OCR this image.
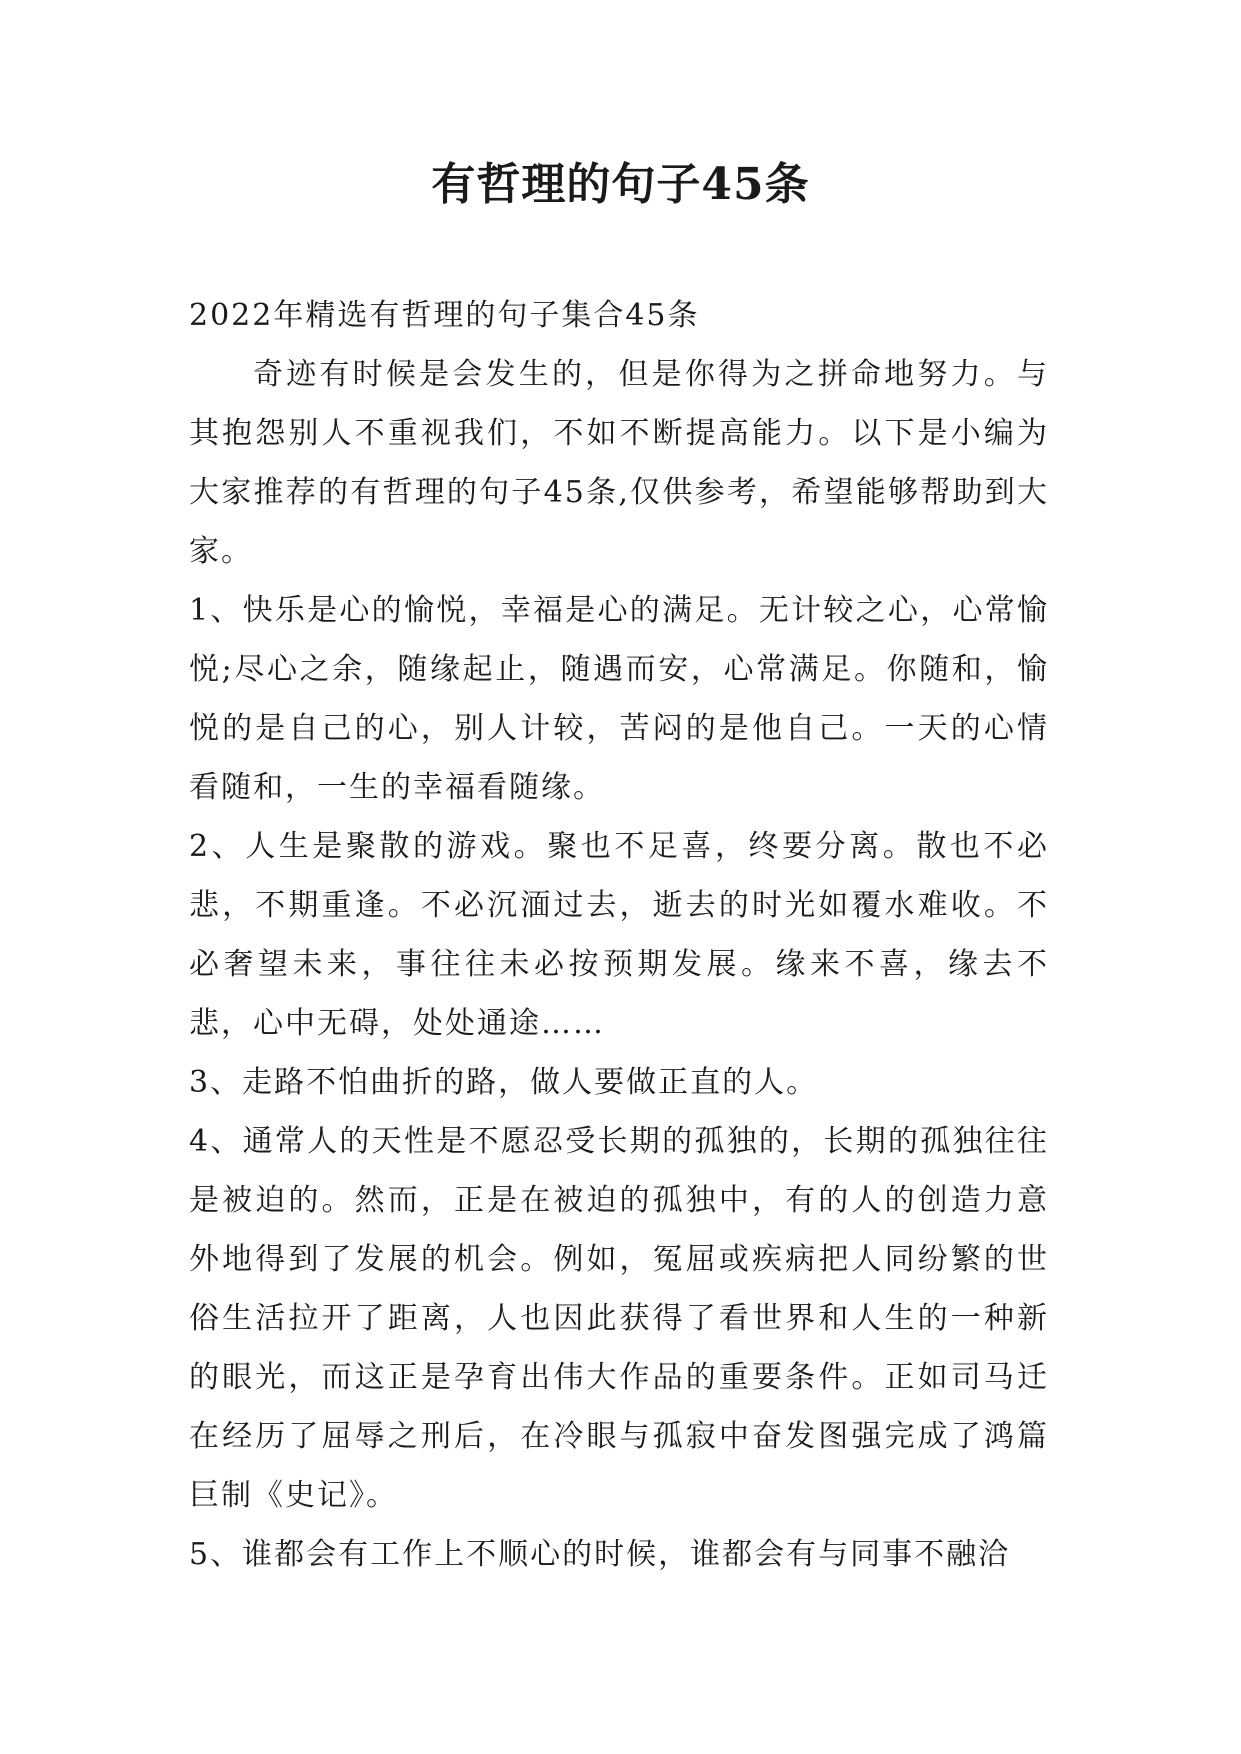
有哲理的句子45条

2022年精选有哲理的句子集合45条

奇迹有时候是会发生的，但是你得为之拼命地努力。与其抱怨别人不重视我们，不如不断提高能力。以下是小编为大家推荐的有哲理的句子45条,仅供参考，希望能够帮助到大家。

1、快乐是心的愉悦，幸福是心的满足。无计较之心，心常愉悦;尽心之余，随缘起止，随遇而安，心常满足。你随和，愉悦的是自己的心，别人计较，苦闷的是他自己。一天的心情看随和，一生的幸福看随缘。

2、人生是聚散的游戏。聚也不足喜，终要分离。散也不必悲，不期重逢。不必沉湎过去，逝去的时光如覆水难收。不必奢望未来，事往往未必按预期发展。缘来不喜，缘去不悲，心中无碍，处处通途……

3、走路不怕曲折的路，做人要做正直的人。

4、通常人的天性是不愿忍受长期的孤独的，长期的孤独往往是被迫的。然而，正是在被迫的孤独中，有的人的创造力意外地得到了发展的机会。例如，冤屈或疾病把人同纷繁的世俗生活拉开了距离，人也因此获得了看世界和人生的一种新的眼光，而这正是孕育出伟大作品的重要条件。正如司马迁在经历了屈辱之刑后，在冷眼与孤寂中奋发图强完成了鸿篇巨制《史记》。

5、谁都会有工作上不顺心的时候，谁都会有与同事不融洽
